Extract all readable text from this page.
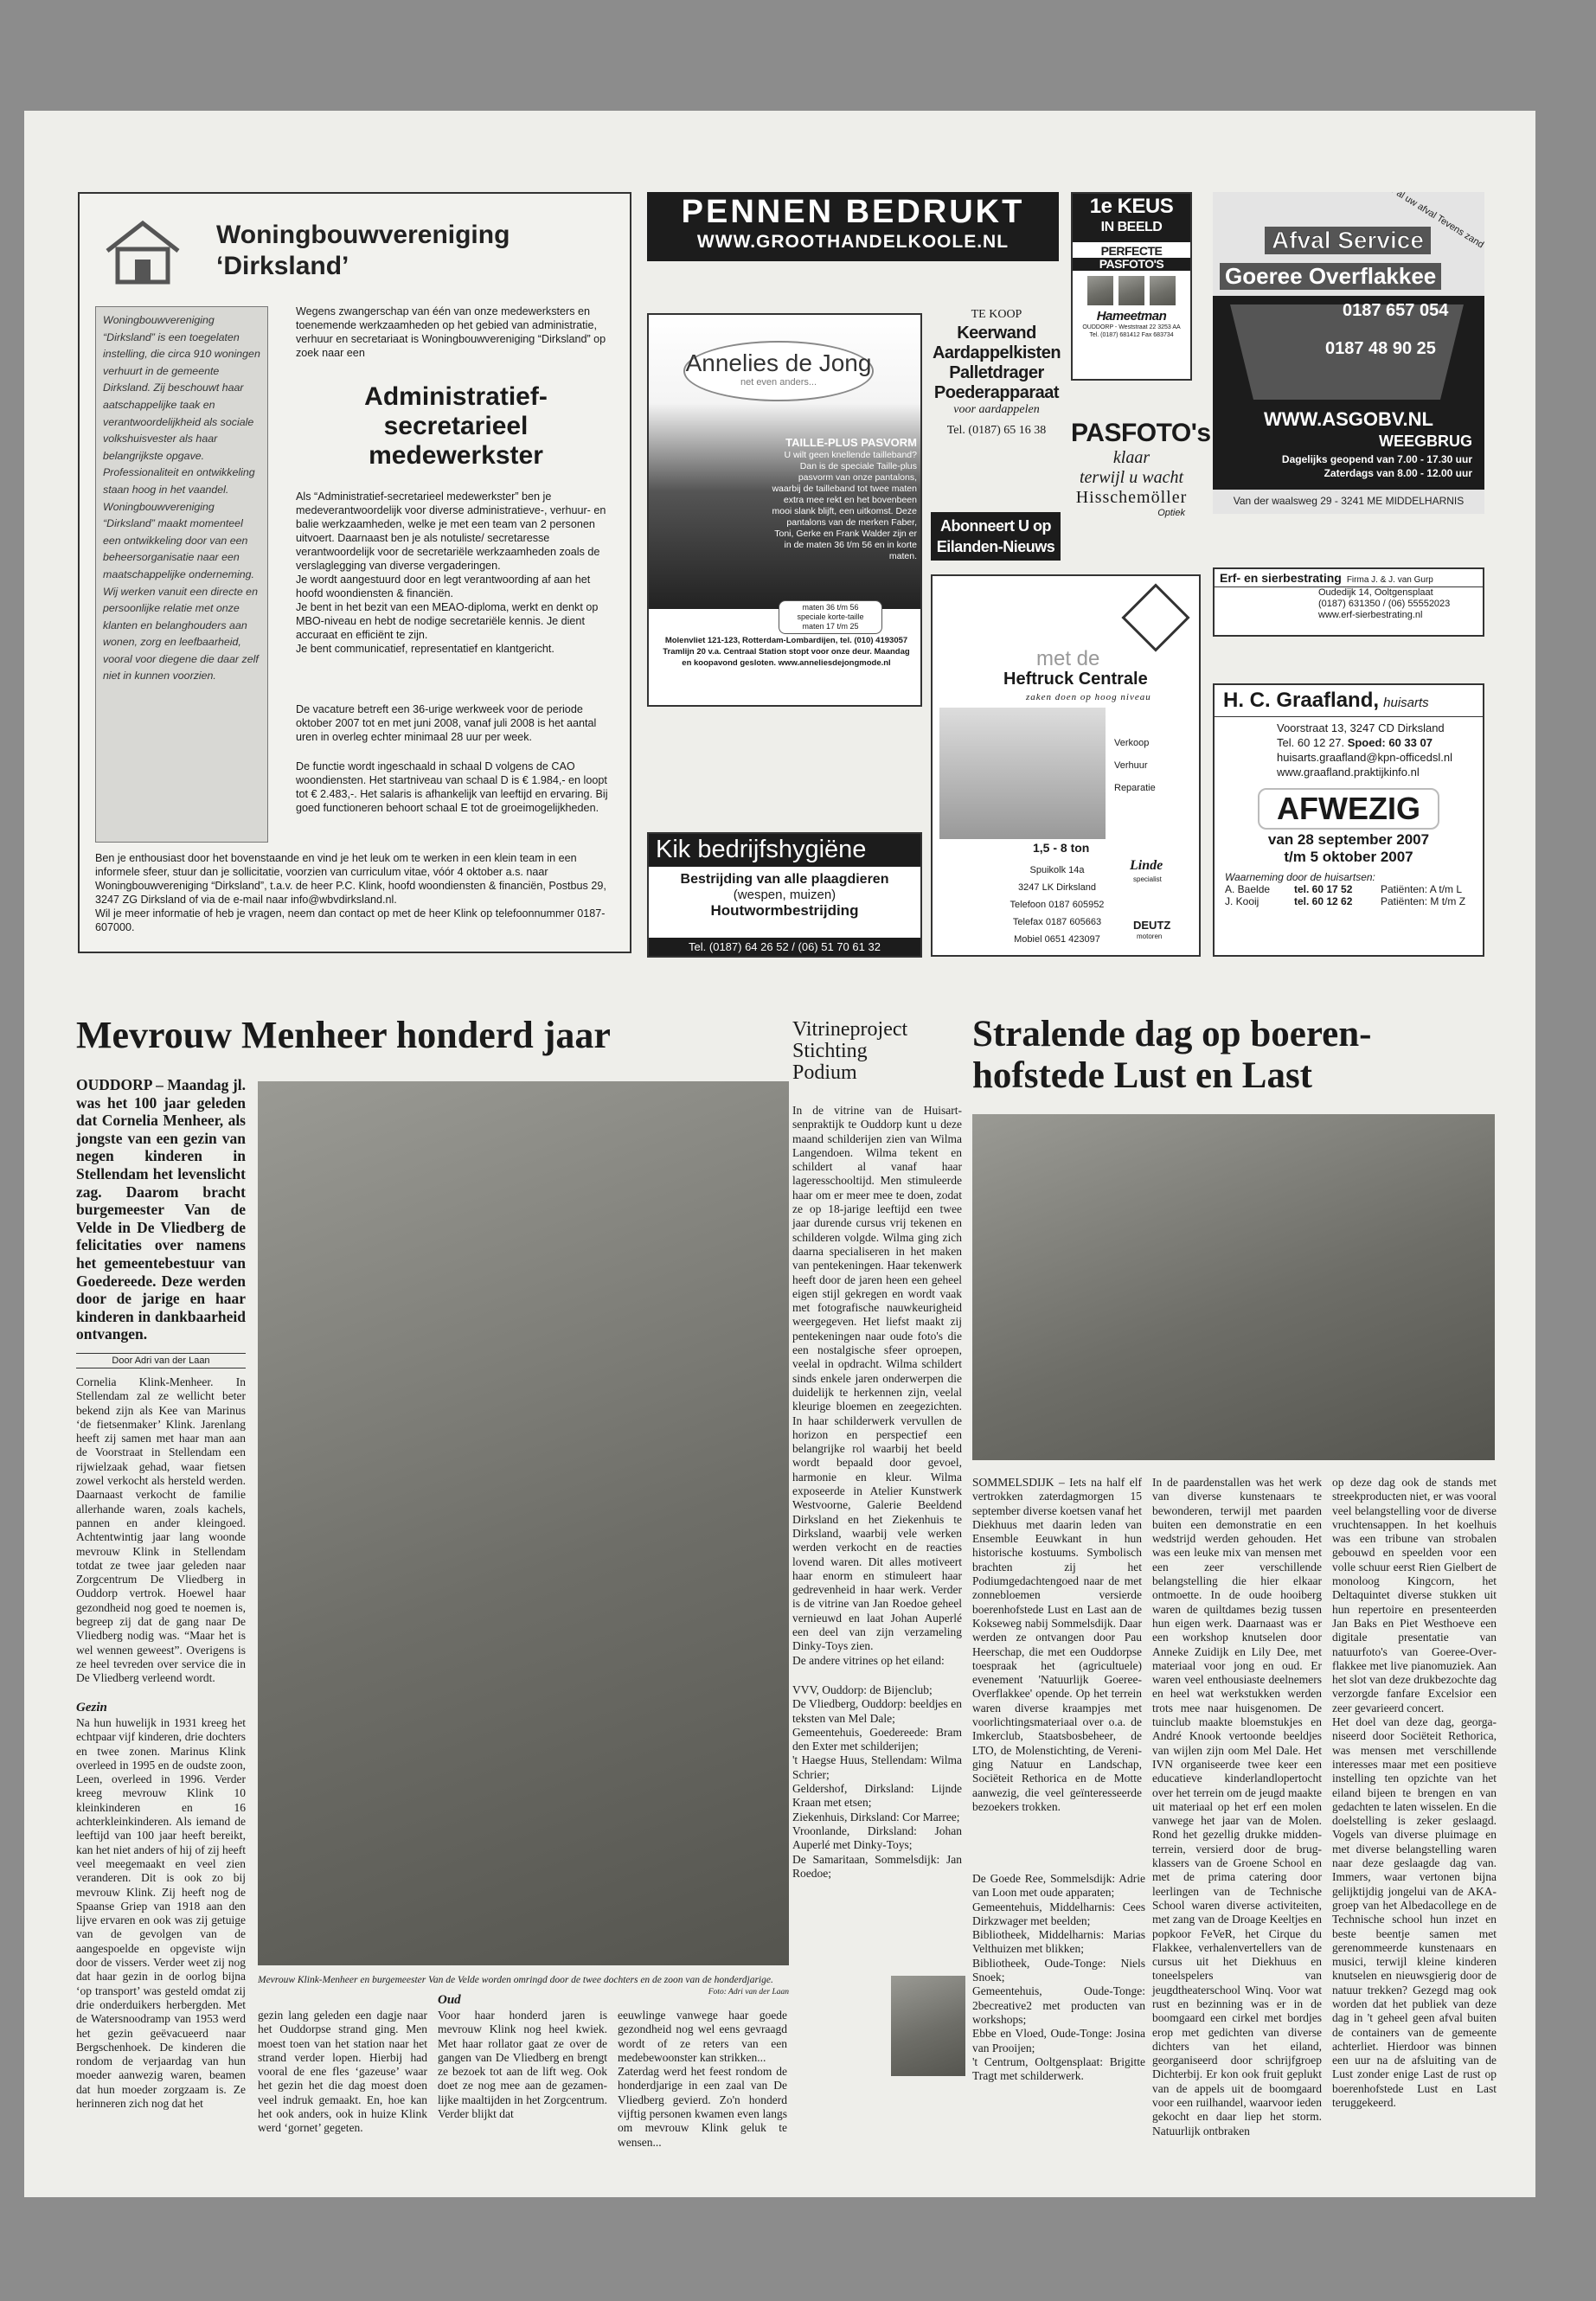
Woningbouwvereniging
‘Dirksland’
Woningbouwvereniging “Dirksland” is een toegelaten instelling, die circa 910 woningen verhuurt in de gemeente Dirksland. Zij beschouwt haar aatschappelijke taak en verantwoordelijkheid als sociale volkshuisvester als haar belangrijkste opgave. Professionaliteit en ontwikkeling staan hoog in het vaandel. Woningbouwvereniging “Dirksland” maakt momenteel een ontwikkeling door van een beheersorganisatie naar een maatschappelijke onderneming. Wij werken vanuit een directe en persoonlijke relatie met onze klanten en belanghouders aan wonen, zorg en leefbaarheid, vooral voor diegene die daar zelf niet in kunnen voorzien.
Wegens zwangerschap van één van onze medewerksters en toenemende werkzaamheden op het gebied van administratie, verhuur en secretariaat is Woningbouwvereniging “Dirksland” op zoek naar een
Administratief-
secretarieel
medewerkster
Als “Administratief-secretarieel medewerkster” ben je medeverantwoordelijk voor diverse administratieve-, verhuur- en balie werkzaamheden, welke je met een team van 2 personen uitvoert. Daarnaast ben je als notuliste/ secretaresse verantwoordelijk voor de secretariële werkzaamheden zoals de verslaglegging van diverse vergaderingen.
Je wordt aangestuurd door en legt verantwoording af aan het hoofd woondiensten & financiën.
Je bent in het bezit van een MEAO-diploma, werkt en denkt op MBO-niveau en hebt de nodige secretariële kennis. Je dient accuraat en efficiënt te zijn.
Je bent communicatief, representatief en klantgericht.
De vacature betreft een 36-urige werkweek voor de periode oktober 2007 tot en met juni 2008, vanaf juli 2008 is het aantal uren in overleg echter minimaal 28 uur per week.
De functie wordt ingeschaald in schaal D volgens de CAO woondiensten. Het startniveau van schaal D is € 1.984,- en loopt tot € 2.483,-. Het salaris is afhankelijk van leeftijd en ervaring. Bij goed functioneren behoort schaal E tot de groeimogelijkheden.
Ben je enthousiast door het bovenstaande en vind je het leuk om te werken in een klein team in een informele sfeer, stuur dan je sollicitatie, voorzien van curriculum vitae, vóór 4 oktober a.s. naar Woningbouwvereniging “Dirksland”, t.a.v. de heer P.C. Klink, hoofd woondiensten & financiën, Postbus 29, 3247 ZG Dirksland of via de e-mail naar info@wbvdirksland.nl.
Wil je meer informatie of heb je vragen, neem dan contact op met de heer Klink op telefoonnummer 0187-607000.
PENNEN BEDRUKT
WWW.GROOTHANDELKOOLE.NL
Annelies de Jong
net even anders...
TAILLE-PLUS PASVORM
U wilt geen knellende tailleband? Dan is de speciale Taille-plus pasvorm van onze pantalons, waarbij de tailleband tot twee maten extra mee rekt en het bovenbeen mooi slank blijft, een uitkomst. Deze pantalons van de merken Faber, Toni, Gerke en Frank Walder zijn er in de maten 36 t/m 56 en in korte maten.
maten 36 t/m 56
speciale korte-taille
maten 17 t/m 25
Molenvliet 121-123, Rotterdam-Lombardijen, tel. (010) 4193057 Tramlijn 20 v.a. Centraal Station stopt voor onze deur. Maandag en koopavond gesloten. www.anneliesdejongmode.nl
Kik bedrijfshygiëne
Bestrijding van alle plaagdieren
(wespen, muizen)
Houtwormbestrijding
Tel. (0187) 64 26 52 / (06) 51 70 61 32
TE KOOP
Keerwand
Aardappelkisten
Palletdrager
Poederapparaat
voor aardappelen
Tel. (0187) 65 16 38
Abonneert U op
Eilanden-Nieuws
1e KEUS
IN BEELD
PERFECTE
PASFOTO'S
Hameetman
OUDDORP - Weststraat 22 3253 AA
Tel. (0187) 681412 Fax 683734
PASFOTO's
klaar
terwijl u wacht
Hisschemöller
Optiek
al uw afval Tevens zand en
Afval Service
Goeree Overflakkee
0187 657 054
0187 48 90 25
WWW.ASGOBV.NL
WEEGBRUG
Dagelijks geopend van 7.00 - 17.30 uur
Zaterdags van 8.00 - 12.00 uur
Van der waalsweg 29 - 3241 ME MIDDELHARNIS
Erf- en sierbestrating Firma J. & J. van Gurp
Oudedijk 14, Ooltgensplaat
(0187) 631350 / (06) 55552023
www.erf-sierbestrating.nl
met de
Heftruck Centrale
zaken doen op hoog niveau
Verkoop
Verhuur
Reparatie
1,5 - 8 ton
Spuikolk 14a
3247 LK Dirksland
Telefoon 0187 605952
Telefax 0187 605663
Mobiel 0651 423097
Linde
specialist
DEUTZ
motoren
H. C. Graafland, huisarts
Voorstraat 13, 3247 CD Dirksland
Tel. 60 12 27. Spoed: 60 33 07
huisarts.graafland@kpn-officedsl.nl
www.graafland.praktijkinfo.nl
AFWEZIG
van 28 september 2007
t/m 5 oktober 2007
Waarneming door de huisartsen:
A. Baelde	tel. 60 17 52	Patiënten: A t/m L
J. Kooij	tel. 60 12 62	Patiënten: M t/m Z
Mevrouw Menheer honderd jaar
OUDDORP – Maandag jl. was het 100 jaar geleden dat Cornelia Menheer, als jongste van een gezin van negen kinderen in Stellendam het levenslicht zag. Daarom bracht burgemeester Van de Velde in De Vliedberg de felicitaties over namens het gemeentebestuur van Goedereede. Deze werden door de jarige en haar kinderen in dankbaarheid ontvangen.
Door Adri van der Laan
Cornelia Klink-Menheer. In Stellendam zal ze wellicht beter bekend zijn als Kee van Marinus ‘de fietsenmaker’ Klink. Jarenlang heeft zij samen met haar man aan de Voorstraat in Stellendam een rijwielzaak gehad, waar fietsen zowel verkocht als hersteld werden. Daarnaast verkocht de familie allerhande waren, zoals kachels, pannen en ander kleingoed. Achtentwintig jaar lang woonde mevrouw Klink in Stellendam totdat ze twee jaar geleden naar Zorgcentrum De Vliedberg in Ouddorp vertrok. Hoewel haar gezondheid nog goed te noemen is, begreep zij dat de gang naar De Vliedberg nodig was. “Maar het is wel wennen geweest”. Overigens is ze heel tevreden over service die in De Vliedberg verleend wordt.
Gezin
Na hun huwelijk in 1931 kreeg het echtpaar vijf kinderen, drie dochters en twee zonen. Marinus Klink overleed in 1995 en de oudste zoon, Leen, overleed in 1996. Verder kreeg mevrouw Klink 10 kleinkinderen en 16 achterkleinkinderen. Als iemand de leeftijd van 100 jaar heeft bereikt, kan het niet anders of hij of zij heeft veel meegemaakt en veel zien veranderen. Dit is ook zo bij mevrouw Klink. Zij heeft nog de Spaanse Griep van 1918 aan den lijve ervaren en ook was zij getuige van de gevolgen van de aangespoelde en opgeviste wijn door de vissers. Verder weet zij nog dat haar gezin in de oorlog bijna ‘op transport’ was gesteld omdat zij drie onderduikers herbergden. Met de Watersnoodramp van 1953 werd het gezin geëvacueerd naar Bergschenhoek. De kinderen die rondom de verjaardag van hun moeder aanwezig waren, beamen dat hun moeder zorgzaam is. Ze herinneren zich nog dat het
Mevrouw Klink-Menheer en burgemeester Van de Velde worden omringd door de twee dochters en de zoon van de honderdjarige.
Foto: Adri van der Laan
gezin lang geleden een dagje naar het Ouddorpse strand ging. Men moest toen van het station naar het strand verder lopen. Hierbij had vooral de ene fles ‘gazeuse’ waar het gezin het die dag moest doen veel indruk gemaakt. En, hoe kan het ook anders, ook in huize Klink werd ‘gornet’ gegeten.
Oud
Voor haar honderd jaren is mevrouw Klink nog heel kwiek. Met haar rollator gaat ze over de gangen van De Vliedberg en brengt ze bezoek tot aan de lift weg. Ook doet ze nog mee aan de gezamenlijke maaltijden in het Zorgcentrum. Verder blijkt dat
Vitrineproject
Stichting
Podium
In de vitrine van de Huisartsenpraktijk te Ouddorp kunt u deze maand schilderijen zien van Wilma Langendoen. Wilma tekent en schildert al vanaf haar lageresschooltijd. Men stimuleerde haar om er meer mee te doen, zodat ze op 18-jarige leeftijd een twee jaar durende cursus vrij tekenen en schilderen volgde. Wilma ging zich daarna specialiseren in het maken van pentekeningen. Haar tekenwerk heeft door de jaren heen een geheel eigen stijl gekregen en wordt vaak met fotografische nauwkeurigheid weergegeven. Het liefst maakt zij pentekeningen naar oude foto's die een nostalgische sfeer oproepen, veelal in opdracht. Wilma schildert sinds enkele jaren onderwerpen die duidelijk te herkennen zijn, veelal kleurige bloemen en zeegezichten. In haar schilderwerk vervullen de horizon en perspectief een belangrijke rol waarbij het beeld wordt bepaald door gevoel, harmonie en kleur. Wilma exposeerde in Atelier Kunstwerk Westvoorne, Galerie Beeldend Dirksland en het Ziekenhuis te Dirksland, waarbij vele werken werden verkocht en de reacties lovend waren. Dit alles motiveert haar enorm en stimuleert haar gedrevenheid in haar werk. Verder is de vitrine van Jan Roedoe geheel vernieuwd en laat Johan Auperlé een deel van zijn verzameling Dinky-Toys zien.
De andere vitrines op het eiland:
VVV, Ouddorp: de Bijenclub;
De Vliedberg, Ouddorp: beeldjes en teksten van Mel Dale;
Gemeentehuis, Goedereede: Bram den Exter met schilderijen;
't Haegse Huus, Stellendam: Wilma Schrier;
Geldershof, Dirksland: Lijnde Kraan met etsen;
Ziekenhuis, Dirksland: Cor Marree;
Vroonlande, Dirksland: Johan Auperlé met Dinky-Toys;
De Samaritaan, Sommelsdijk: Jan Roedoe;
eeuwlinge vanwege haar goede gezondheid nog wel eens gevraagd wordt of ze reters van een medebewoonster kan strikken...
Zaterdag werd het feest rondom de honderdjarige in een zaal van De Vliedberg gevierd. Zo'n honderd vijftig personen kwamen even langs om mevrouw Klink geluk te wensen...
De Goede Ree, Sommelsdijk: Adrie van Loon met oude apparaten;
Gemeentehuis, Middelharnis: Cees Dirkzwager met beelden;
Bibliotheek, Middelharnis: Marias Velthuizen met blikken;
Bibliotheek, Oude-Tonge: Niels Snoek;
Gemeentehuis, Oude-Tonge: 2becreative2 met producten van workshops;
Ebbe en Vloed, Oude-Tonge: Josina van Prooijen;
't Centrum, Ooltgensplaat: Brigitte Tragt met schilderwerk.
Stralende dag op boeren-
hofstede Lust en Last
SOMMELSDIJK – Iets na half elf vertrokken zaterdagmorgen 15 september diverse koetsen vanaf het Diekhuus met daarin leden van Ensemble Eeuwkant in hun historische kostuums. Symbolisch brachten zij het Podiumgedachtengoed naar de met zonnebloemen versierde boerenhofstede Lust en Last aan de Kokseweg nabij Sommelsdijk. Daar werden ze ontvangen door Pau Heerschap, die met een Ouddorpse toespraak het (agricultuele) evenement 'Natuurlijk Goeree-Overflakkee' opende. Op het terrein waren diverse kraampjes met voorlichtingsmateriaal over o.a. de Imkerclub, Staatsbosbeheer, de LTO, de Molenstichting, de Vereniging Natuur en Landschap, Sociëteit Rethorica en de Motte aanwezig, die veel geïnteresseerde bezoekers trokken.
In de paardenstallen was het werk van diverse kunstenaars te bewonderen, terwijl met paarden buiten een demonstratie en een wedstrijd werden gehouden. Het was een leuke mix van mensen met een zeer verschillende belangstelling die hier elkaar ontmoette. In de oude hooiberg waren de quiltdames bezig tussen hun eigen werk. Daarnaast was er een workshop knutselen door Anneke Zuidijk en Lily Dee, met materiaal voor jong en oud. Er waren veel enthousiaste deelnemers en heel wat werkstukken werden trots mee naar huisgenomen. De tuinclub maakte bloemstukjes en André Knook vertoonde beeldjes van wijlen zijn oom Mel Dale. Het IVN organiseerde twee keer een educatieve kinderlandlopertocht over het terrein om de jeugd maakte uit materiaal op het erf een molen vanwege het jaar van de Molen. Rond het gezellig drukke middenterrein, versierd door de brugklassers van de Groene School en met de prima catering door leerlingen van de Technische School waren diverse activiteiten, met zang van de Droage Keeltjes en popkoor FeVeR, het Cirque du Flakkee, verhalenvertellers van de cursus uit het Diekhuus en toneelspelers van jeugdtheaterschool Winq. Voor wat rust en bezinning was er in de boomgaard een cirkel met bordjes erop met gedichten van diverse dichters van het eiland, georganiseerd door schrijfgroep Dichterbij. Er kon ook fruit geplukt van de appels uit de boomgaard voor een ruilhandel, waarvoor ieden gekocht en daar liep het storm. Natuurlijk ontbraken
op deze dag ook de stands met streekproducten niet, er was vooral veel belangstelling voor de diverse vruchtensappen. In het koelhuis was een tribune van strobalen gebouwd en speelden voor een volle schuur eerst Rien Gielbert de monoloog Kingcorn, het Deltaquintet diverse stukken uit hun repertoire en presenteerden Jan Baks en Piet Westhoeve een digitale presentatie van natuurfoto's van Goeree-Overflakkee met live pianomuziek. Aan het slot van deze drukbezochte dag verzorgde fanfare Excelsior een zeer gevarieerd concert.
Het doel van deze dag, georganiseerd door Sociëteit Rethorica, was mensen met verschillende interesses maar met een positieve instelling ten opzichte van het eiland bijeen te brengen en van gedachten te laten wisselen. En die doelstelling is zeker geslaagd. Vogels van diverse pluimage en met diverse belangstelling waren naar deze geslaagde dag van. Immers, waar vertonen bijna gelijktijdig jongelui van de AKA-groep van het Albedacollege en de Technische school hun inzet en beste beentje samen met gerenommeerde kunstenaars en musici, terwijl kleine kinderen knutselen en nieuwsgierig door de natuur trekken? Gezegd mag ook worden dat het publiek van deze dag in 't geheel geen afval buiten de containers van de gemeente achterliet. Hierdoor was binnen een uur na de afsluiting van de Lust zonder enige Last de rust op boerenhofstede Lust en Last teruggekeerd.
